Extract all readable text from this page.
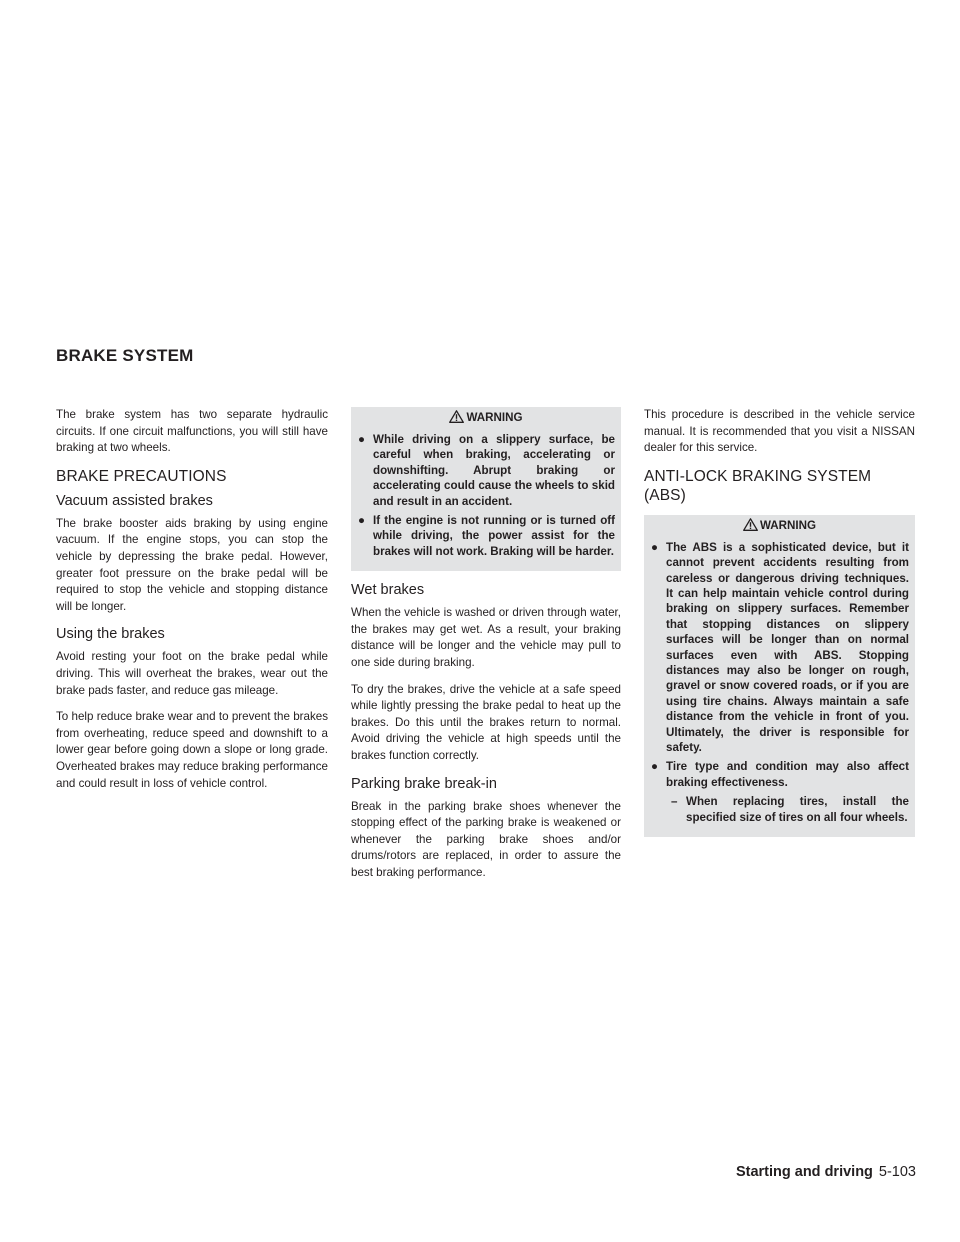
BRAKE SYSTEM

The brake system has two separate hydraulic circuits. If one circuit malfunctions, you will still have braking at two wheels.

BRAKE PRECAUTIONS
Vacuum assisted brakes

The brake booster aids braking by using engine vacuum. If the engine stops, you can stop the vehicle by depressing the brake pedal. However, greater foot pressure on the brake pedal will be required to stop the vehicle and stopping distance will be longer.

Using the brakes

Avoid resting your foot on the brake pedal while driving. This will overheat the brakes, wear out the brake pads faster, and reduce gas mileage.

To help reduce brake wear and to prevent the brakes from overheating, reduce speed and downshift to a lower gear before going down a slope or long grade. Overheated brakes may reduce braking performance and could result in loss of vehicle control.

WARNING
● While driving on a slippery surface, be careful when braking, accelerating or downshifting. Abrupt braking or accelerating could cause the wheels to skid and result in an accident.
● If the engine is not running or is turned off while driving, the power assist for the brakes will not work. Braking will be harder.
Wet brakes

When the vehicle is washed or driven through water, the brakes may get wet. As a result, your braking distance will be longer and the vehicle may pull to one side during braking.

To dry the brakes, drive the vehicle at a safe speed while lightly pressing the brake pedal to heat up the brakes. Do this until the brakes return to normal. Avoid driving the vehicle at high speeds until the brakes function correctly.

Parking brake break-in

Break in the parking brake shoes whenever the stopping effect of the parking brake is weakened or whenever the parking brake shoes and/or drums/rotors are replaced, in order to assure the best braking performance.

This procedure is described in the vehicle service manual. It is recommended that you visit a NISSAN dealer for this service.

ANTI-LOCK BRAKING SYSTEM (ABS)
WARNING
● The ABS is a sophisticated device, but it cannot prevent accidents resulting from careless or dangerous driving techniques. It can help maintain vehicle control during braking on slippery surfaces. Remember that stopping distances on slippery surfaces will be longer than on normal surfaces even with ABS. Stopping distances may also be longer on rough, gravel or snow covered roads, or if you are using tire chains. Always maintain a safe distance from the vehicle in front of you. Ultimately, the driver is responsible for safety.
● Tire type and condition may also affect braking effectiveness.
– When replacing tires, install the specified size of tires on all four wheels.
Starting and driving 5-103
